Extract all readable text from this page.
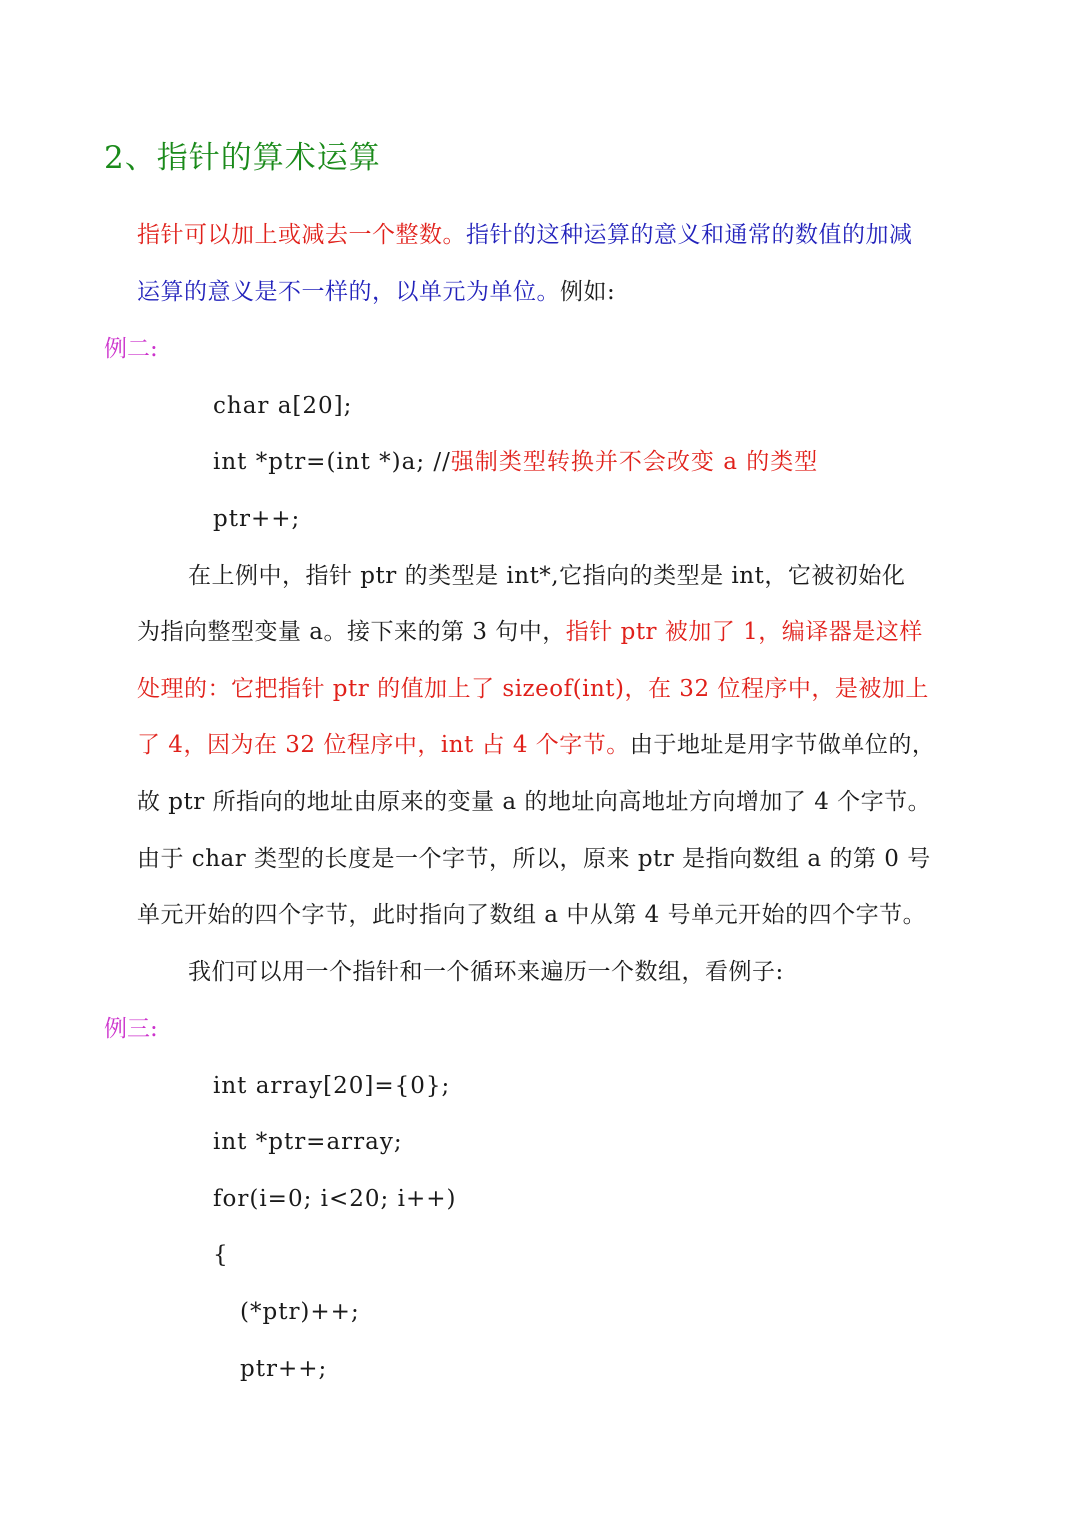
2、指针的算术运算
指针可以加上或减去一个整数。指针的这种运算的意义和通常的数值的加减
运算的意义是不一样的，以单元为单位。例如:
例二:
char a[20];
int *ptr=(int *)a; //强制类型转换并不会改变 a 的类型
ptr++;
在上例中，指针 ptr 的类型是 int*,它指向的类型是 int，它被初始化
为指向整型变量 a。接下来的第 3 句中，指针 ptr 被加了 1，编译器是这样
处理的：它把指针 ptr 的值加上了 sizeof(int)，在 32 位程序中，是被加上
了 4，因为在 32 位程序中，int 占 4 个字节。由于地址是用字节做单位的，
故 ptr 所指向的地址由原来的变量 a 的地址向高地址方向增加了 4 个字节。
由于 char 类型的长度是一个字节，所以，原来 ptr 是指向数组 a 的第 0 号
单元开始的四个字节，此时指向了数组 a 中从第 4 号单元开始的四个字节。
我们可以用一个指针和一个循环来遍历一个数组，看例子:
例三:
int array[20]={0};
int *ptr=array;
for(i=0; i<20; i++)
{
(*ptr)++;
ptr++;
